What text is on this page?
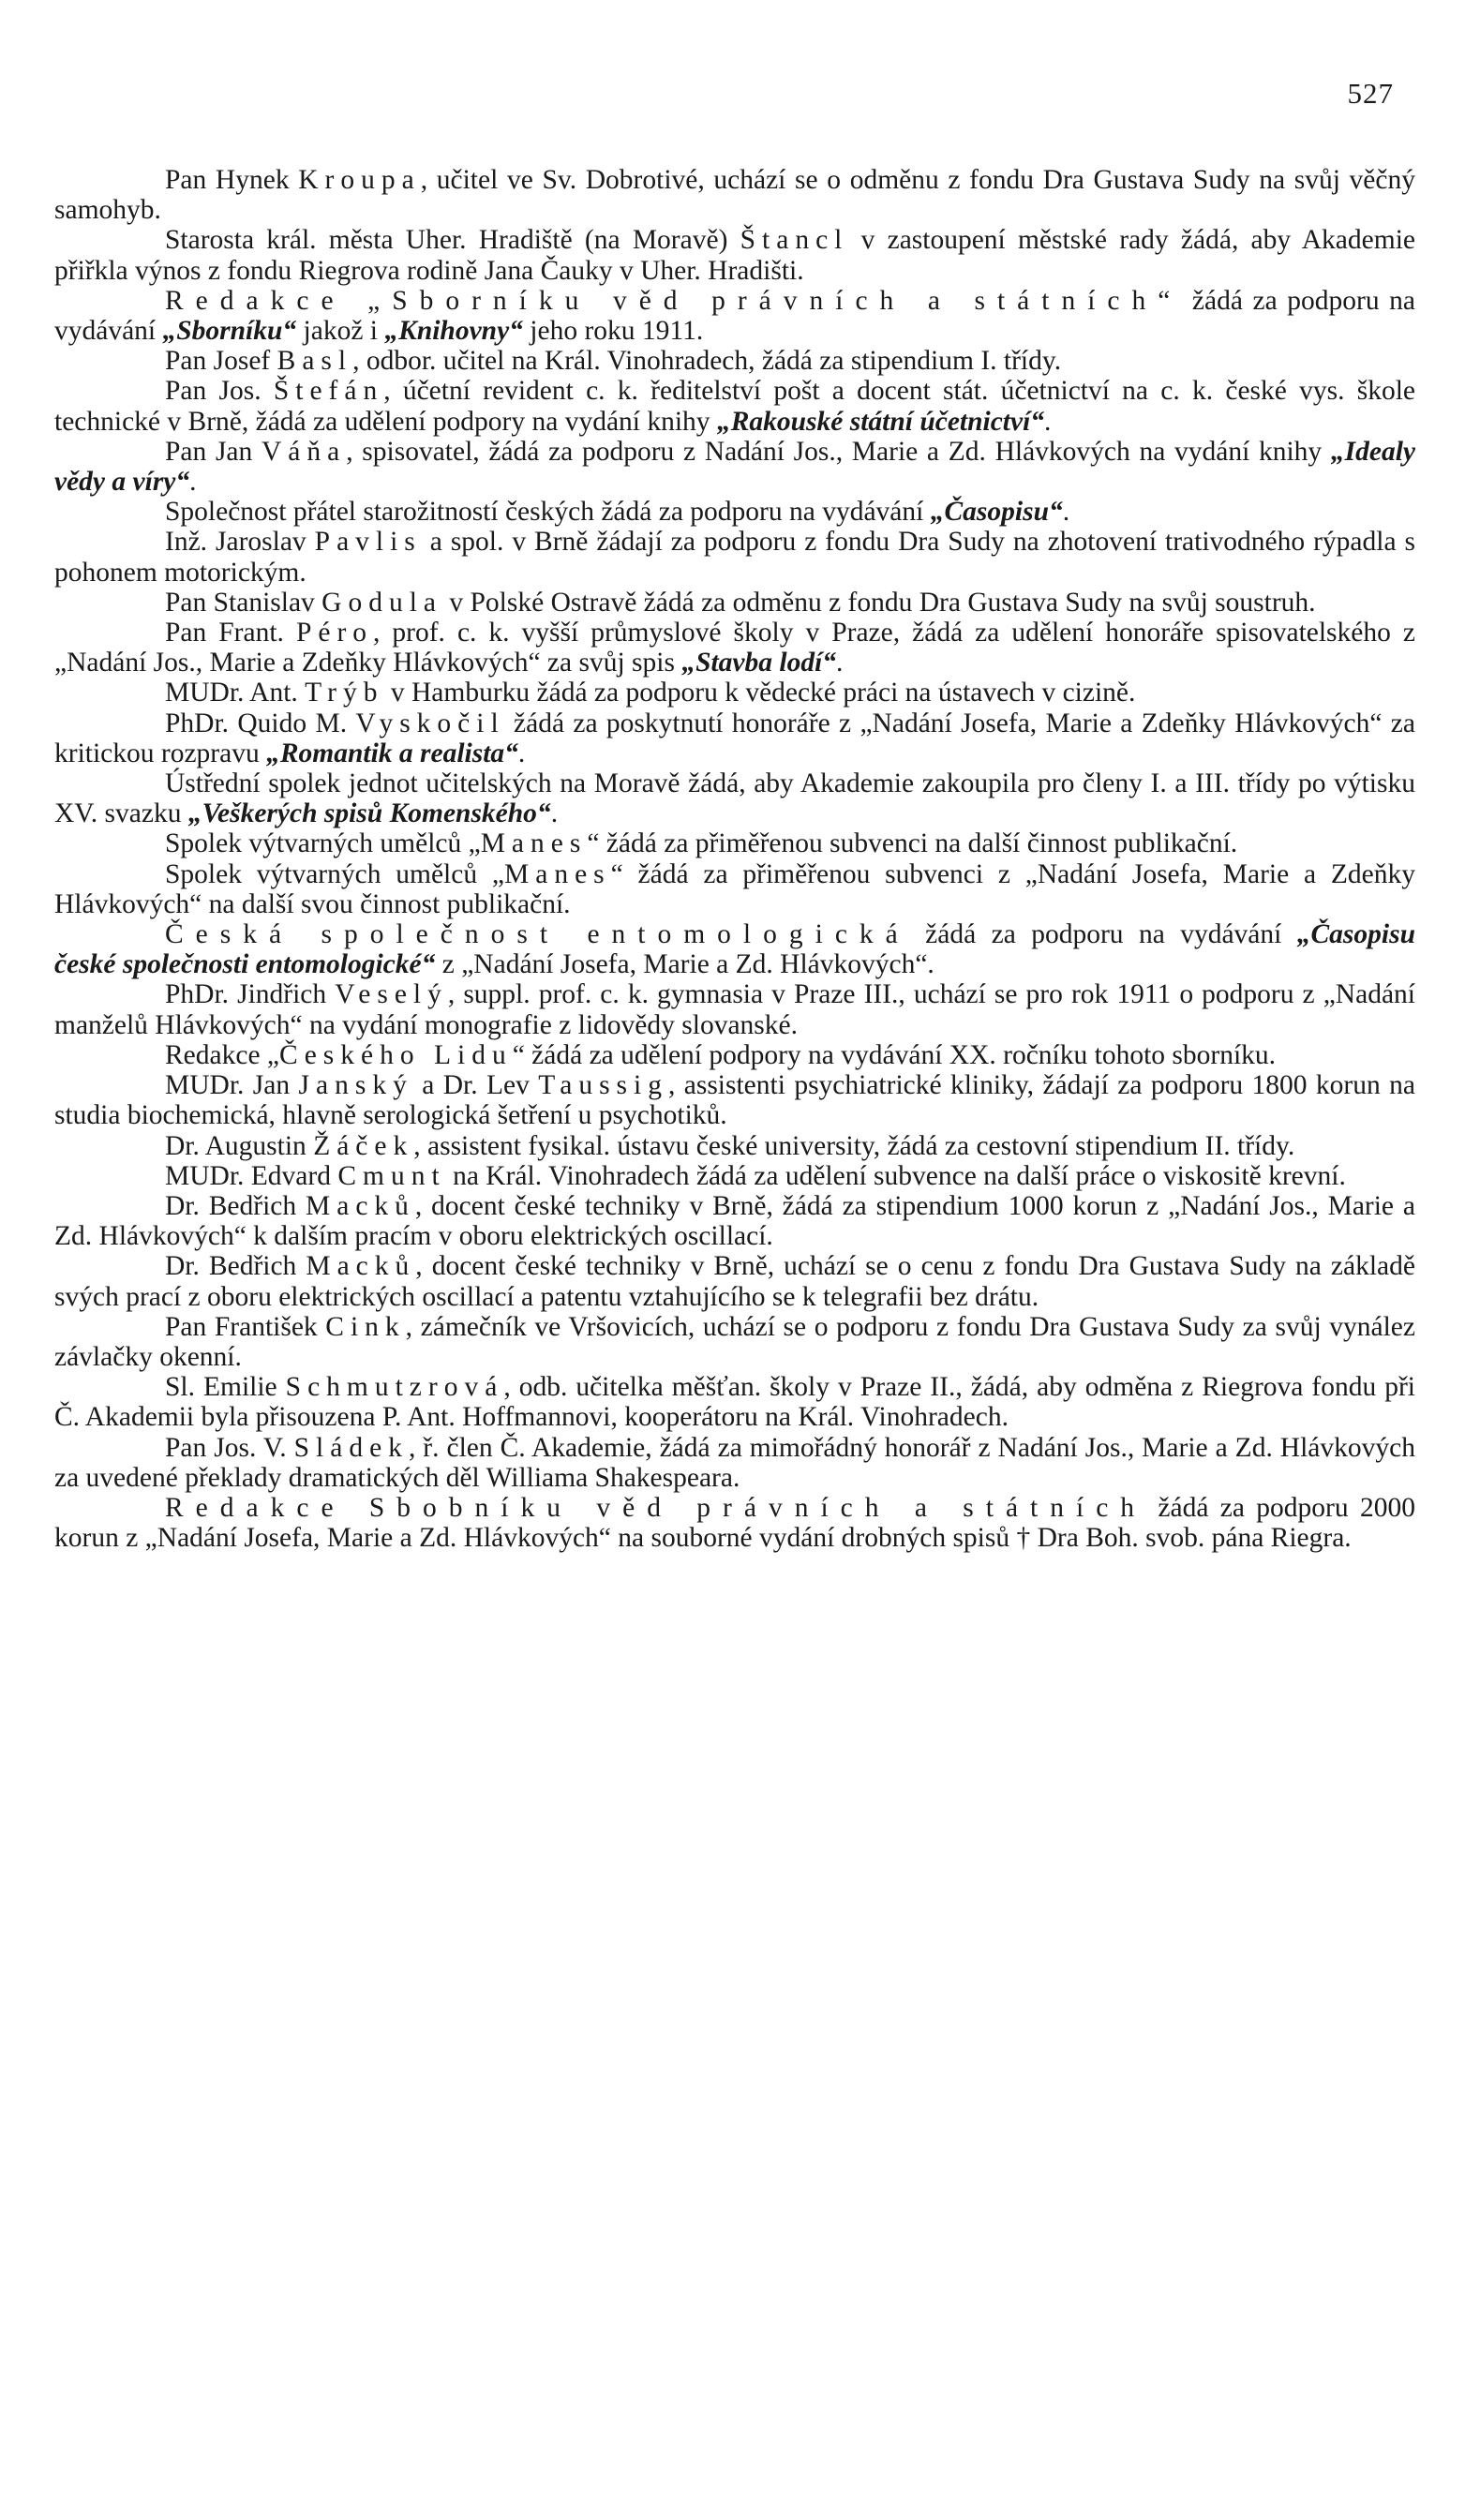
527

Pan Hynek Kroupa, učitel ve Sv. Dobrotivé, uchází se o odměnu z fondu Dra Gustava Sudy na svůj věčný samohyb.

Starosta král. města Uher. Hradiště (na Moravě) Štancl v zastoupení městské rady žádá, aby Akademie přiřkla výnos z fondu Riegrova rodině Jana Čauky v Uher. Hradišti.

Redakce „Sborníku věd právních a státních“ žádá za podporu na vydávání „Sborníku“ jakož i „Knihovny“ jeho roku 1911.

Pan Josef Basl, odbor. učitel na Král. Vinohradech, žádá za stipendium I. třídy.

Pan Jos. Štefán, účetní revident c. k. ředitelství pošt a docent stát. účetnictví na c. k. české vys. škole technické v Brně, žádá za udělení podpory na vydání knihy „Rakouské státní účetnictví“.

Pan Jan Váňa, spisovatel, žádá za podporu z Nadání Jos., Marie a Zd. Hlávkových na vydání knihy „Idealy vědy a víry“.

Společnost přátel starožitností českých žádá za podporu na vydávání „Časopisu“.

Inž. Jaroslav Pavlis a spol. v Brně žádají za podporu z fondu Dra Sudy na zhotovení trativodného rýpadla s pohonem motorickým.

Pan Stanislav Godula v Polské Ostravě žádá za odměnu z fondu Dra Gustava Sudy na svůj soustruh.

Pan Frant. Péro, prof. c. k. vyšší průmyslové školy v Praze, žádá za udělení honoráře spisovatelského z „Nadání Jos., Marie a Zdeňky Hlávkových“ za svůj spis „Stavba lodí“.

MUDr. Ant. Trýb v Hamburku žádá za podporu k vědecké práci na ústavech v cizině.

PhDr. Quido M. Vyskočil žádá za poskytnutí honoráře z „Nadání Josefa, Marie a Zdeňky Hlávkových“ za kritickou rozpravu „Romantik a realista“.

Ústřední spolek jednot učitelských na Moravě žádá, aby Akademie zakoupila pro členy I. a III. třídy po výtisku XV. svazku „Veškerých spisů Komenského“.

Spolek výtvarných umělců „Manes“ žádá za přiměřenou subvenci na další činnost publikační.

Spolek výtvarných umělců „Manes“ žádá za přiměřenou subvenci z „Nadání Josefa, Marie a Zdeňky Hlávkových“ na další svou činnost publikační.

Česká společnost entomologická žádá za podporu na vydávání „Časopisu české společnosti entomologické“ z „Nadání Josefa, Marie a Zd. Hlávkových“.

PhDr. Jindřich Veselý, suppl. prof. c. k. gymnasia v Praze III., uchází se pro rok 1911 o podporu z „Nadání manželů Hlávkových“ na vydání monografie z lidovědy slovanské.

Redakce „Českého Lidu“ žádá za udělení podpory na vydávání XX. ročníku tohoto sborníku.

MUDr. Jan Janský a Dr. Lev Taussig, assistenti psychiatrické kliniky, žádají za podporu 1800 korun na studia biochemická, hlavně serologická šetření u psychotiků.

Dr. Augustin Žáček, assistent fysikal. ústavu české university, žádá za cestovní stipendium II. třídy.

MUDr. Edvard Cmunt na Král. Vinohradech žádá za udělení subvence na další práce o viskositě krevní.

Dr. Bedřich Macků, docent české techniky v Brně, žádá za stipendium 1000 korun z „Nadání Jos., Marie a Zd. Hlávkových“ k dalším pracím v oboru elektrických oscillací.

Dr. Bedřich Macků, docent české techniky v Brně, uchází se o cenu z fondu Dra Gustava Sudy na základě svých prací z oboru elektrických oscillací a patentu vztahujícího se k telegrafii bez drátu.

Pan František Cink, zámečník ve Vršovicích, uchází se o podporu z fondu Dra Gustava Sudy za svůj vynález závlačky okenní.

Sl. Emilie Schmutzrová, odb. učitelka měšťan. školy v Praze II., žádá, aby odměna z Riegrova fondu při Č. Akademii byla přisouzena P. Ant. Hoffmannovi, kooperátoru na Král. Vinohradech.

Pan Jos. V. Sládek, ř. člen Č. Akademie, žádá za mimořádný honorář z Nadání Jos., Marie a Zd. Hlávkových za uvedené překlady dramatických děl Williama Shakespeara.

Redakce Sbobníku věd právních a státních žádá za podporu 2000 korun z „Nadání Josefa, Marie a Zd. Hlávkových“ na souborné vydání drobných spisů † Dra Boh. svob. pána Riegra.
